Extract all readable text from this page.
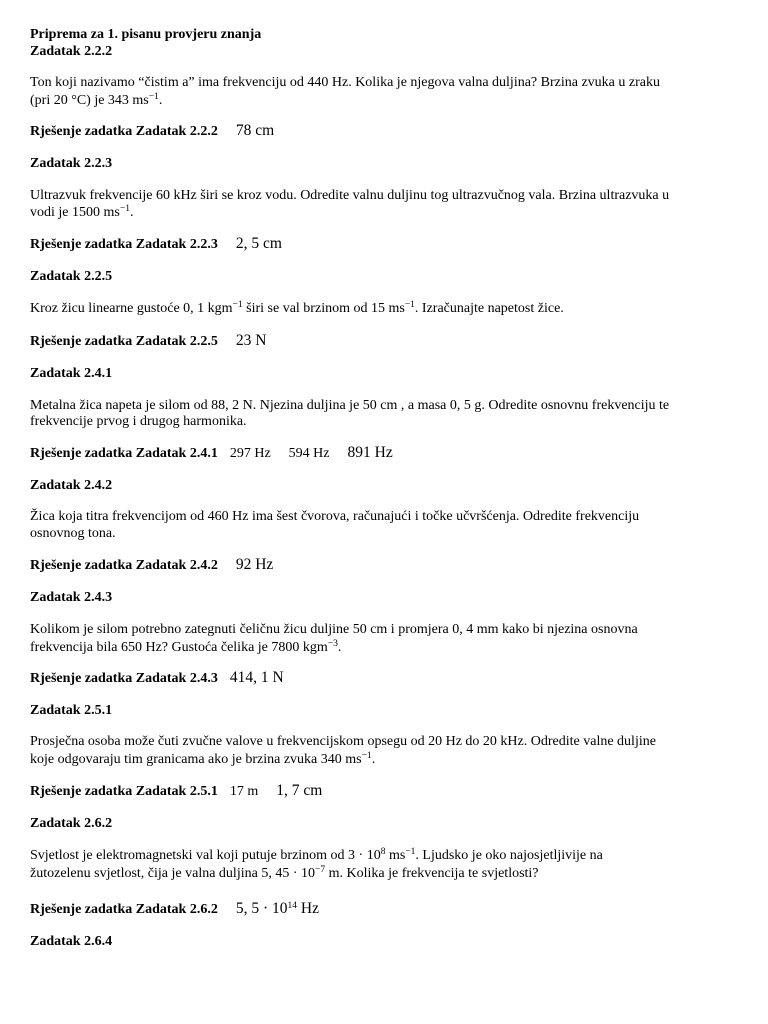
Priprema za 1. pisanu provjeru znanja
Zadatak 2.2.2
Ton koji nazivamo “čistim a” ima frekvenciju od 440 Hz. Kolika je njegova valna duljina? Brzina zvuka u zraku
(pri 20 °C) je 343 $ms^{-1}$.
Rješenje zadatka Zadatak 2.2.2 78 cm
Zadatak 2.2.3
Ultrazvuk frekvencije 60 kHz širi se kroz vodu. Odredite valnu duljinu tog ultrazvučnog vala. Brzina ultrazvuka u
vodi je 1500 $ms^{-1}$.
Rješenje zadatka Zadatak 2.2.3 2, 5 cm
Zadatak 2.2.5
Kroz žicu linearne gustoće 0, 1 kgm$^{-1}$ širi se val brzinom od 15 $ms^{-1}$. Izračunajte napetost žice.
Rješenje zadatka Zadatak 2.2.5 23 N
Zadatak 2.4.1
Metalna žica napeta je silom od 88, 2 N. Njezina duljina je 50 cm , a masa 0, 5 g. Odredite osnovnu frekvenciju te
frekvencije prvog i drugog harmonika.
Rješenje zadatka Zadatak 2.4.1 297 Hz 594 Hz 891 Hz
Zadatak 2.4.2
Žica koja titra frekvencijom od 460 Hz ima šest čvorova, računajući i točke učvršćenja. Odredite frekvenciju
osnovnog tona.
Rješenje zadatka Zadatak 2.4.2 92 Hz
Zadatak 2.4.3
Kolikom je silom potrebno zategnuti čeličnu žicu duljine 50 cm i promjera 0, 4 mm kako bi njezina osnovna
frekvencija bila 650 Hz? Gustoća čelika je 7800 kgm$^{-3}$.
Rješenje zadatka Zadatak 2.4.3 414, 1 N
Zadatak 2.5.1
Prosječna osoba može čuti zvučne valove u frekvencijskom opsegu od 20 Hz do 20 kHz. Odredite valne duljine
koje odgovaraju tim granicama ako je brzina zvuka 340 $ms^{-1}$.
Rješenje zadatka Zadatak 2.5.1 17 m 1, 7 cm
Zadatak 2.6.2
Svjetlost je elektromagnetski val koji putuje brzinom od $3 \cdot 10^8$ $ms^{-1}$. Ljudsko je oko najosjetljivije na
žutozelenu svjetlost, čija je valna duljina 5, $45 \cdot 10^{-7}$ m. Kolika je frekvencija te svjetlosti?
Rješenje zadatka Zadatak 2.6.2 5, $5 \cdot 10^{14}$ Hz
Zadatak 2.6.4
